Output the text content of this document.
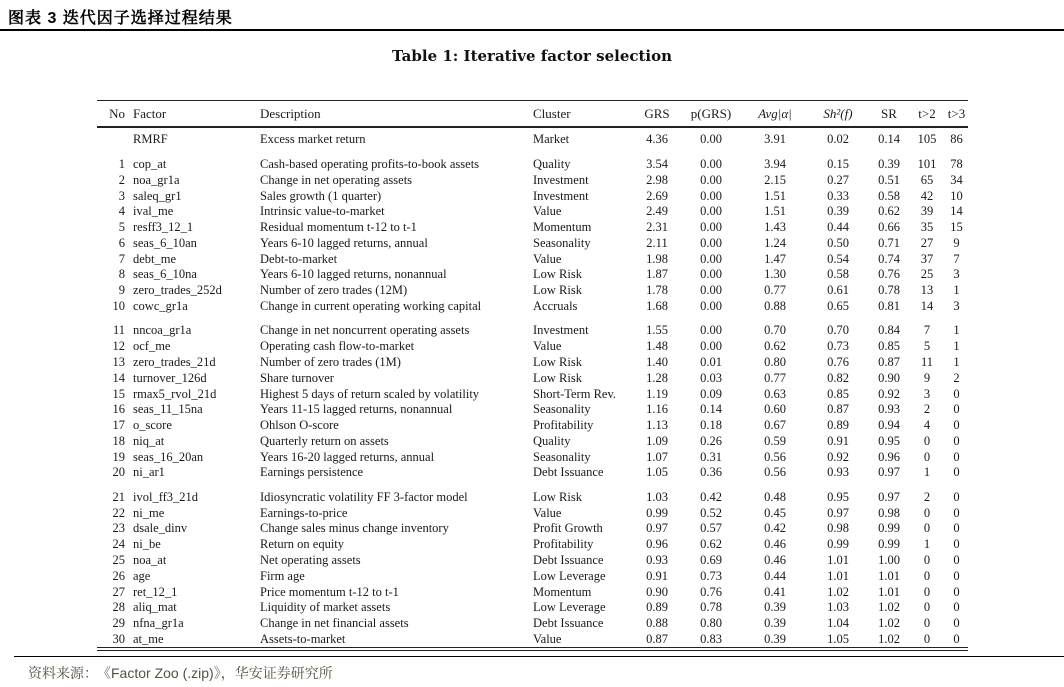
图表 3 迭代因子选择过程结果
Table 1: Iterative factor selection
No	Factor	Description	Cluster	GRS	p(GRS)	Avg|α|	Sh²(f)	SR	t>2	t>3
	RMRF	Excess market return	Market	4.36	0.00	3.91	0.02	0.14	105	86
1	cop_at	Cash-based operating profits-to-book assets	Quality	3.54	0.00	3.94	0.15	0.39	101	78
2	noa_gr1a	Change in net operating assets	Investment	2.98	0.00	2.15	0.27	0.51	65	34
3	saleq_gr1	Sales growth (1 quarter)	Investment	2.69	0.00	1.51	0.33	0.58	42	10
4	ival_me	Intrinsic value-to-market	Value	2.49	0.00	1.51	0.39	0.62	39	14
5	resff3_12_1	Residual momentum t-12 to t-1	Momentum	2.31	0.00	1.43	0.44	0.66	35	15
6	seas_6_10an	Years 6-10 lagged returns, annual	Seasonality	2.11	0.00	1.24	0.50	0.71	27	9
7	debt_me	Debt-to-market	Value	1.98	0.00	1.47	0.54	0.74	37	7
8	seas_6_10na	Years 6-10 lagged returns, nonannual	Low Risk	1.87	0.00	1.30	0.58	0.76	25	3
9	zero_trades_252d	Number of zero trades (12M)	Low Risk	1.78	0.00	0.77	0.61	0.78	13	1
10	cowc_gr1a	Change in current operating working capital	Accruals	1.68	0.00	0.88	0.65	0.81	14	3
11	nncoa_gr1a	Change in net noncurrent operating assets	Investment	1.55	0.00	0.70	0.70	0.84	7	1
12	ocf_me	Operating cash flow-to-market	Value	1.48	0.00	0.62	0.73	0.85	5	1
13	zero_trades_21d	Number of zero trades (1M)	Low Risk	1.40	0.01	0.80	0.76	0.87	11	1
14	turnover_126d	Share turnover	Low Risk	1.28	0.03	0.77	0.82	0.90	9	2
15	rmax5_rvol_21d	Highest 5 days of return scaled by volatility	Short-Term Rev.	1.19	0.09	0.63	0.85	0.92	3	0
16	seas_11_15na	Years 11-15 lagged returns, nonannual	Seasonality	1.16	0.14	0.60	0.87	0.93	2	0
17	o_score	Ohlson O-score	Profitability	1.13	0.18	0.67	0.89	0.94	4	0
18	niq_at	Quarterly return on assets	Quality	1.09	0.26	0.59	0.91	0.95	0	0
19	seas_16_20an	Years 16-20 lagged returns, annual	Seasonality	1.07	0.31	0.56	0.92	0.96	0	0
20	ni_ar1	Earnings persistence	Debt Issuance	1.05	0.36	0.56	0.93	0.97	1	0
21	ivol_ff3_21d	Idiosyncratic volatility FF 3-factor model	Low Risk	1.03	0.42	0.48	0.95	0.97	2	0
22	ni_me	Earnings-to-price	Value	0.99	0.52	0.45	0.97	0.98	0	0
23	dsale_dinv	Change sales minus change inventory	Profit Growth	0.97	0.57	0.42	0.98	0.99	0	0
24	ni_be	Return on equity	Profitability	0.96	0.62	0.46	0.99	0.99	1	0
25	noa_at	Net operating assets	Debt Issuance	0.93	0.69	0.46	1.01	1.00	0	0
26	age	Firm age	Low Leverage	0.91	0.73	0.44	1.01	1.01	0	0
27	ret_12_1	Price momentum t-12 to t-1	Momentum	0.90	0.76	0.41	1.02	1.01	0	0
28	aliq_mat	Liquidity of market assets	Low Leverage	0.89	0.78	0.39	1.03	1.02	0	0
29	nfna_gr1a	Change in net financial assets	Debt Issuance	0.88	0.80	0.39	1.04	1.02	0	0
30	at_me	Assets-to-market	Value	0.87	0.83	0.39	1.05	1.02	0	0
资料来源： 《Factor Zoo (.zip)》，华安证券研究所
